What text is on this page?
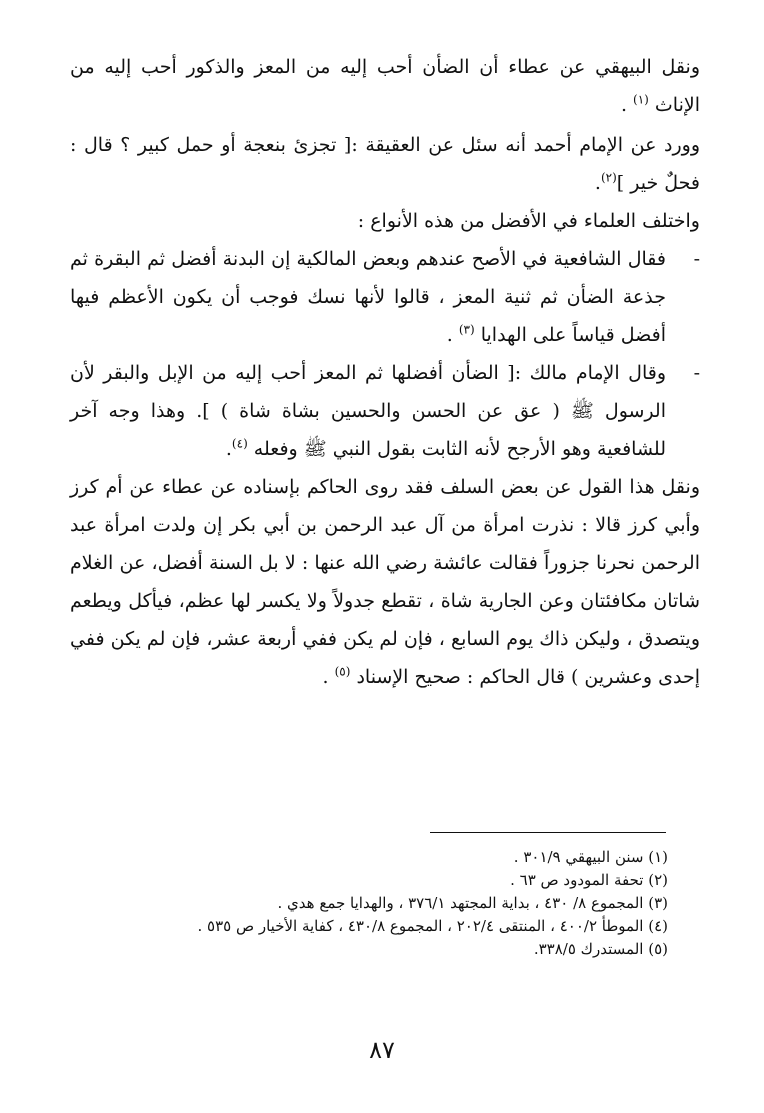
ونقل البيهقي عن عطاء أن الضأن أحب إليه من المعز والذكور أحب إليه من الإناث $^{(١)}$ .

وورد عن الإمام أحمد أنه سئل عن العقيقة :[ تجزئ بنعجة أو حمل كبير ؟ قال : فحلٌ خير ]$^{(٢)}$.

واختلف العلماء في الأفضل من هذه الأنواع :

-
فقال الشافعية في الأصح عندهم وبعض المالكية إن البدنة أفضل ثم البقرة ثم جذعة الضأن ثم ثنية المعز ، قالوا لأنها نسك فوجب أن يكون الأعظم فيها أفضل قياساً على الهدايا $^{(٣)}$ .
-
وقال الإمام مالك :[ الضأن أفضلها ثم المعز أحب إليه من الإبل والبقر لأن الرسول ﷺ ( عق عن الحسن والحسين بشاة شاة ) ]. وهذا وجه آخر للشافعية وهو الأرجح لأنه الثابت بقول النبي ﷺ وفعله $^{(٤)}$.

ونقل هذا القول عن بعض السلف فقد روى الحاكم بإسناده عن عطاء عن أم كرز وأبي كرز قالا : نذرت امرأة من آل عبد الرحمن بن أبي بكر إن ولدت امرأة عبد الرحمن نحرنا جزوراً فقالت عائشة رضي الله عنها : لا بل السنة أفضل، عن الغلام شاتان مكافئتان وعن الجارية شاة ، تقطع جدولاً ولا يكسر لها عظم، فيأكل ويطعم ويتصدق ، وليكن ذاك يوم السابع ، فإن لم يكن ففي أربعة عشر، فإن لم يكن ففي إحدى وعشرين ) قال الحاكم : صحيح الإسناد $^{(٥)}$ .

(١) سنن البيهقي ٣٠١/٩ .

(٢) تحفة المودود ص ٦٣ .

(٣) المجموع ٨/ ٤٣٠ ، بداية المجتهد ٣٧٦/١ ، والهدايا جمع هدي .

(٤) الموطأ ٤٠٠/٢ ، المنتقى ٢٠٢/٤ ، المجموع ٤٣٠/٨ ، كفاية الأخيار ص ٥٣٥ .

(٥) المستدرك ٣٣٨/٥.

٨٧
